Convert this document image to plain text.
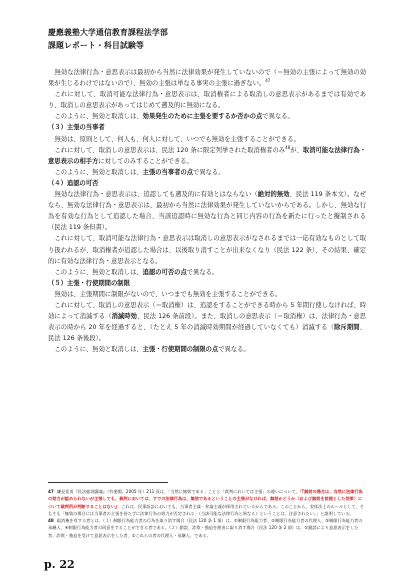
慶應義塾大学通信教育課程法学部
課題レポート・科目試験等

無効な法律行為・意思表示は最初から当然に法律効果が発生していないので（＝無効の主張によって無効の効果が生じるわけではないので）、無効の主張は単なる事実の主張に過ぎない。$^{47}$

これに対して、取消可能な法律行為・意思表示は、取消権者による取消しの意思表示があるまでは有効であり、取消しの意思表示があってはじめて遡及的に無効になる。

このように、無効と取消しは、効果発生のために主張を要するか否かの点で異なる。

（３）主張の当事者

無効は、原則として、何人も、何人に対して、いつでも無効を主張することができる。

これに対して、取消しの意思表示は、民法 120 条に限定列挙された取消権者のみ$^{48}$が、取消可能な法律行為・意思表示の相手方に対してのみすることができる。

このように、無効と取消しは、主張の当事者の点で異なる。

（４）追認の可否

無効な法律行為・意思表示は、追認しても遡及的に有効とはならない（絶対的無効、民法 119 条本文）。なぜなら、無効な法律行為・意思表示は、最初から当然に法律効果が発生していないからである。しかし、無効な行為を有効な行為として追認した場合、当該追認時に無効な行為と同じ内容の行為を新たに行ったと擬制される（民法 119 条但書）。

これに対して、取消可能な法律行為・意思表示は取消しの意思表示がなされるまでは一応有効なものとして取り扱われるが、取消権者が追認した場合は、以後取り消すことが出来なくなり（民法 122 条）、その結果、確定的に有効な法律行為・意思表示となる。

このように、無効と取消しは、追認の可否の点で異なる。

（５）主張・行使期間の制限

無効は、主張期間に制限がないので、いつまでも無効を主張することができる。

これに対して、取消しの意思表示（＝取消権）は、追認をすることができる時から 5 年間行使しなければ、時効によって消滅する（消滅時効、民法 126 条前段）。また、取消しの意思表示（＝取消権）は、法律行為・意思表示の時から 20 年を経過すると、（たとえ 5 年の消滅時効期間が経過していなくても）消滅する（除斥期間、民法 126 条後段）。

このように、無効と取消しは、主張・行使期間の制限の点で異なる。

47 鎌見佳男『民法総則講義』（有斐閣、2005 年）211 頁は、「当然に無効である」ことと「裁判においては主張」の違いについて、「『無効の場合は、当然に法律行為の効力が認められないが主張しても、裁判においては、すでの法律行為は、無効であるということの主張がなければ、無効かどうか（および無効を前提とした効果）について裁判所が判断することはない』」これは、民事訴訟においても、当事者主義・弁論主義が採用されているからである。このことから、実体法上のルールとして、そもそも「無効の場合には当事者の主張を待たずに法律行為の効力が否定される」（当該可能な法律行為と異なる）ということは、注意されたい。」と説明している。

48 取消権を有する者とは、（１）制限行為能力者の行為を取り消す場合（民法 120 条 1 項）は、①制限行為能力者、②制限行為能力者の代理人、③制限行為能力者の承継人、④制限行為能力者の同意をすることができる者である。（２）錯誤、詐欺・強迫を理由に取り消す場合（民法 120 条 2 項）は、①錯誤により意思表示をした者、詐欺・強迫を受けて意思表示をした者、②これらの者の代理人・承継人、である。

p. 22
